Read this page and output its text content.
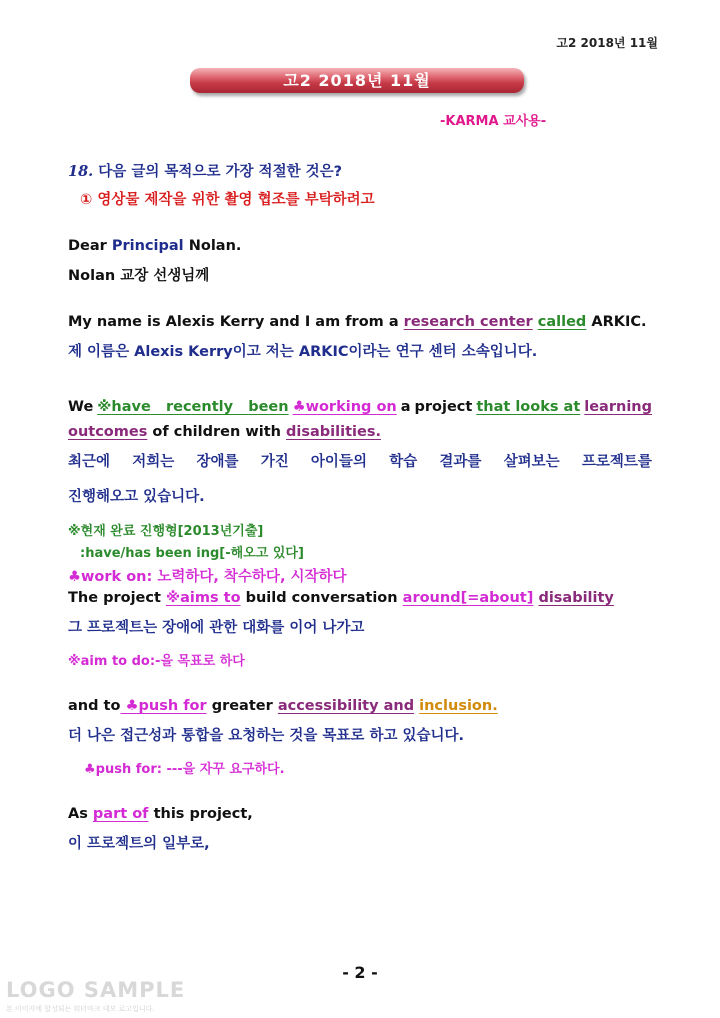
고2 2018년 11월
고2 2018년 11월
-KARMA 교사용-
18. 다음 글의 목적으로 가장 적절한 것은?
① 영상물 제작을 위한 촬영 협조를 부탁하려고
Dear Principal Nolan.
Nolan 교장 선생님께
My name is Alexis Kerry and I am from a research center called ARKIC.
제 이름은 Alexis Kerry이고 저는 ARKIC이라는 연구 센터 소속입니다.
We ※have recently been ♣working on a project that looks at learning
outcomes of children with disabilities.
최근에 저희는 장애를 가진 아이들의 학습 결과를 살펴보는 프로젝트를
진행해오고 있습니다.
※현재 완료 진행형[2013년기출]
:have/has been ing[-해오고 있다]
♣work on: 노력하다, 착수하다, 시작하다
The project ※aims to build conversation around[=about] disability
그 프로젝트는 장애에 관한 대화를 이어 나가고
※aim to do:-을 목표로 하다
and to ♣push for greater accessibility and inclusion.
더 나은 접근성과 통합을 요청하는 것을 목표로 하고 있습니다.
♣push for: ---을 자꾸 요구하다.
As part of this project,
이 프로젝트의 일부로,
- 2 -
LOGO SAMPLE
본 이미지에 합성되는 워터마크 데모 로고입니다.
